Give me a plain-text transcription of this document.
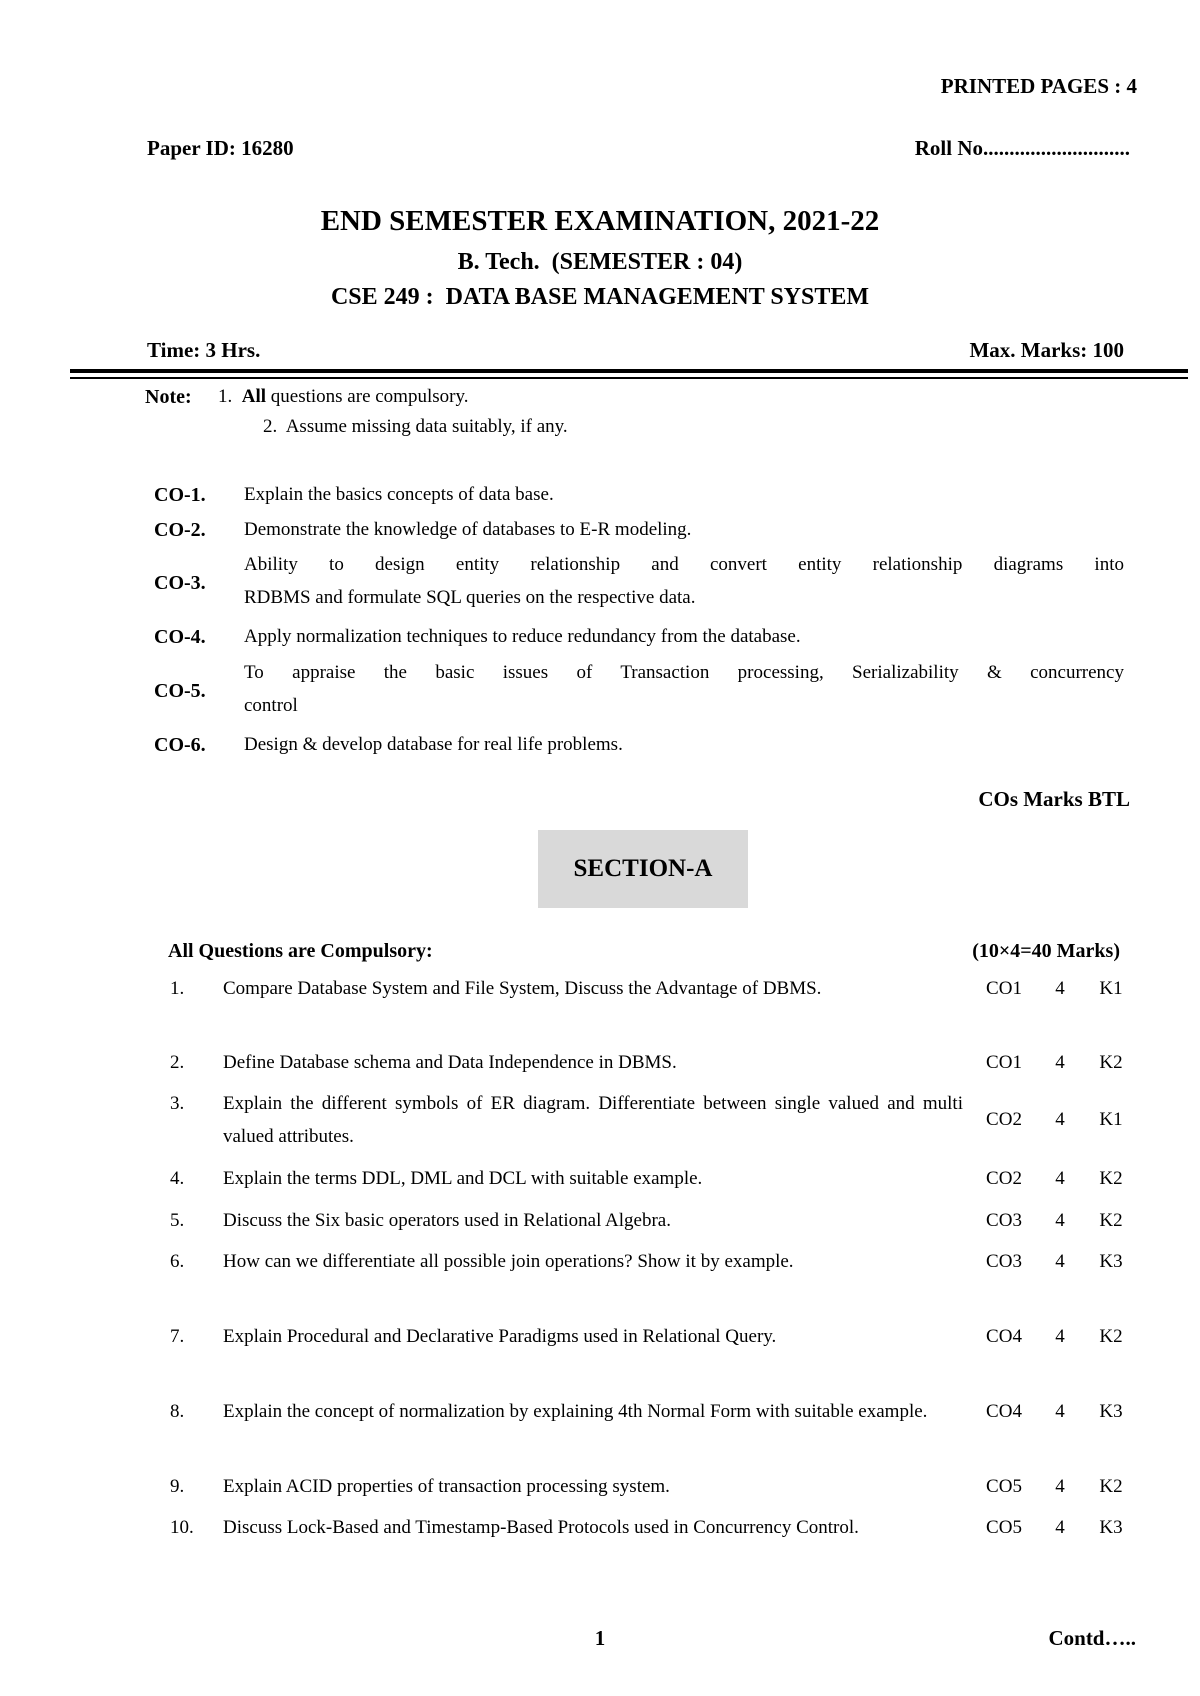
PRINTED PAGES : 4
Paper ID: 16280	Roll No............................
END SEMESTER EXAMINATION, 2021-22
B. Tech.  (SEMESTER : 04)
CSE 249 :  DATA BASE MANAGEMENT SYSTEM
Time: 3 Hrs.	Max. Marks: 100
Note: 1. All questions are compulsory.
2.  Assume missing data suitably, if any.
CO-1. Explain the basics concepts of data base.
CO-2. Demonstrate the knowledge of databases to E-R modeling.
CO-3.
Ability to design entity relationship and convert entity relationship diagrams into
RDBMS and formulate SQL queries on the respective data.
CO-4. Apply normalization techniques to reduce redundancy from the database.
CO-5.
To appraise the basic issues of Transaction processing, Serializability & concurrency
control
CO-6. Design & develop database for real life problems.
COs Marks BTL
SECTION-A
All Questions are Compulsory:	(10×4=40 Marks)
1.	Compare Database System and File System, Discuss the Advantage of DBMS.	CO1	4	K1
2.	Define Database schema and Data Independence in DBMS.	CO1	4	K2
3.	Explain the different symbols of ER diagram. Differentiate between single valued and multi valued attributes.
CO2	4	K1
4.	Explain the terms DDL, DML and DCL with suitable example.	CO2	4	K2
5.	Discuss the Six basic operators used in Relational Algebra.	CO3	4	K2
6.	How can we differentiate all possible join operations? Show it by example.	CO3	4	K3
7.	Explain Procedural and Declarative Paradigms used in Relational Query.	CO4	4	K2
8.	Explain the concept of normalization by explaining 4th Normal Form with suitable example.	CO4	4	K3
9.	Explain ACID properties of transaction processing system.	CO5	4	K2
10.	Discuss Lock-Based and Timestamp-Based Protocols used in Concurrency Control.	CO5	4	K3
1	Contd…..
